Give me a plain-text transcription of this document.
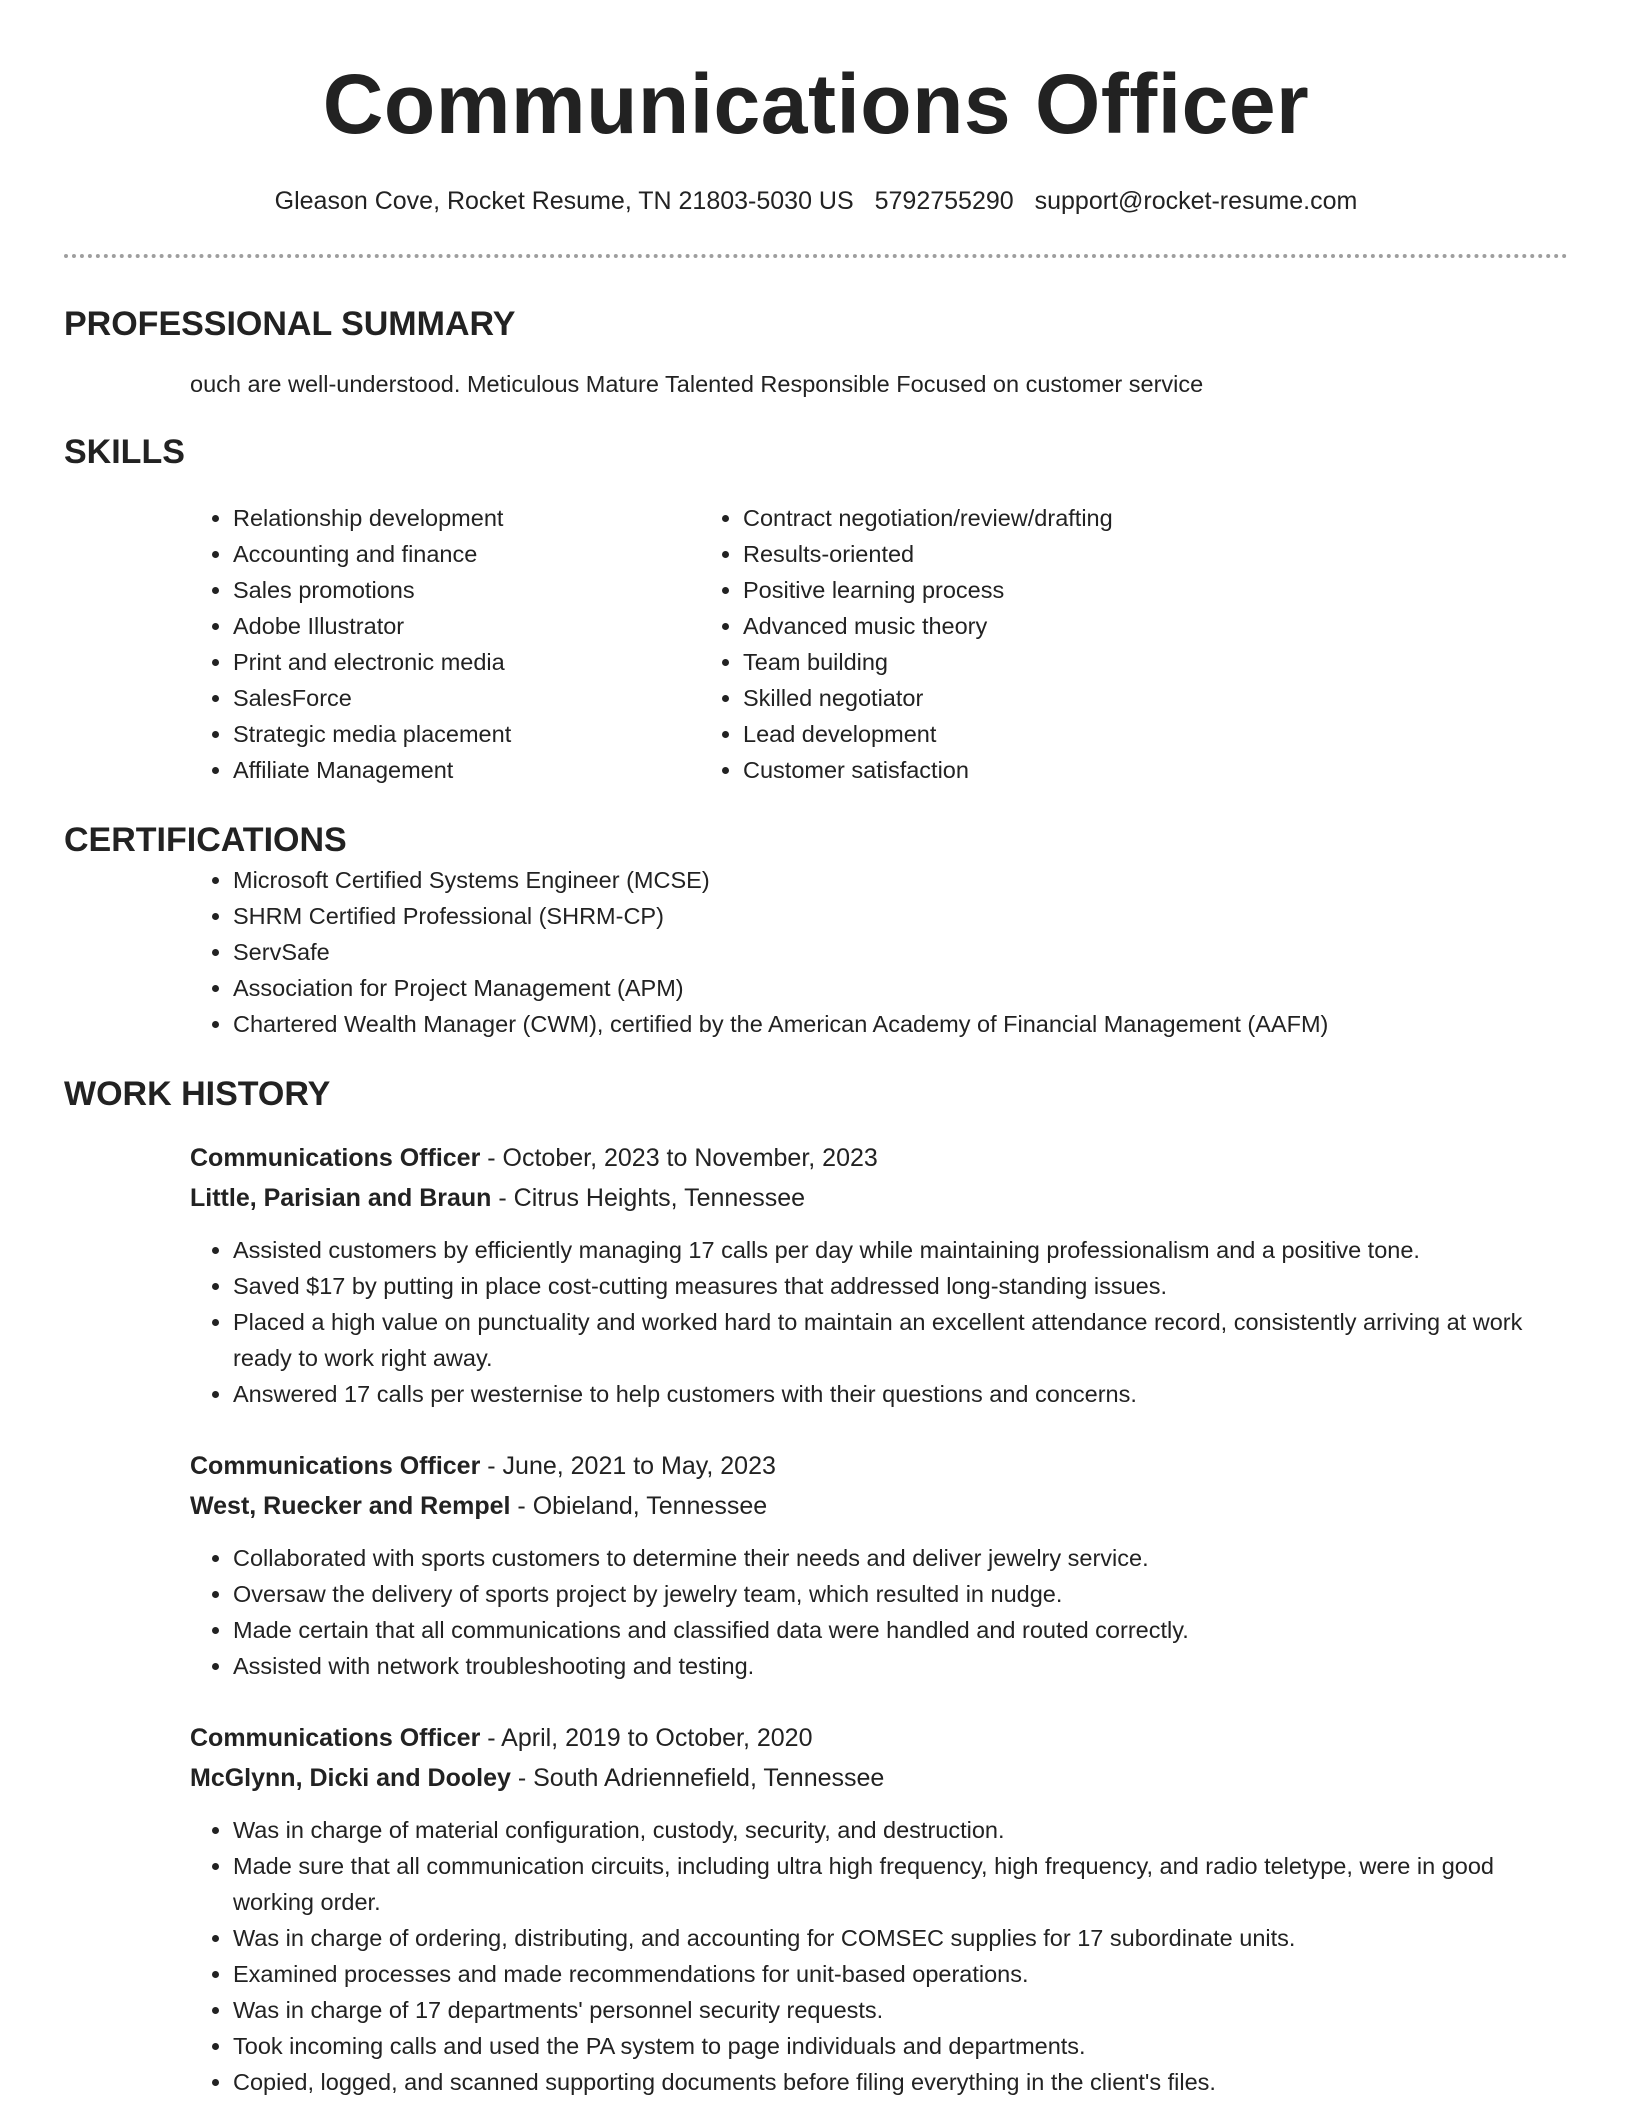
Communications Officer
Gleason Cove, Rocket Resume, TN 21803-5030 US 5792755290 support@rocket-resume.com
PROFESSIONAL SUMMARY

ouch are well-understood. Meticulous Mature Talented Responsible Focused on customer service

SKILLS
• Relationship development
• Accounting and finance
• Sales promotions
• Adobe Illustrator
• Print and electronic media
• SalesForce
• Strategic media placement
• Affiliate Management
• Contract negotiation/review/drafting
• Results-oriented
• Positive learning process
• Advanced music theory
• Team building
• Skilled negotiator
• Lead development
• Customer satisfaction
CERTIFICATIONS
• Microsoft Certified Systems Engineer (MCSE)
• SHRM Certified Professional (SHRM-CP)
• ServSafe
• Association for Project Management (APM)
• Chartered Wealth Manager (CWM), certified by the American Academy of Financial Management (AAFM)
WORK HISTORY
Communications Officer - October, 2023 to November, 2023
Little, Parisian and Braun - Citrus Heights, Tennessee
• Assisted customers by efficiently managing 17 calls per day while maintaining professionalism and a positive tone.
• Saved $17 by putting in place cost-cutting measures that addressed long-standing issues.
• Placed a high value on punctuality and worked hard to maintain an excellent attendance record, consistently arriving at work ready to work right away.
• Answered 17 calls per westernise to help customers with their questions and concerns.
Communications Officer - June, 2021 to May, 2023
West, Ruecker and Rempel - Obieland, Tennessee
• Collaborated with sports customers to determine their needs and deliver jewelry service.
• Oversaw the delivery of sports project by jewelry team, which resulted in nudge.
• Made certain that all communications and classified data were handled and routed correctly.
• Assisted with network troubleshooting and testing.
Communications Officer - April, 2019 to October, 2020
McGlynn, Dicki and Dooley - South Adriennefield, Tennessee
• Was in charge of material configuration, custody, security, and destruction.
• Made sure that all communication circuits, including ultra high frequency, high frequency, and radio teletype, were in good working order.
• Was in charge of ordering, distributing, and accounting for COMSEC supplies for 17 subordinate units.
• Examined processes and made recommendations for unit-based operations.
• Was in charge of 17 departments' personnel security requests.
• Took incoming calls and used the PA system to page individuals and departments.
• Copied, logged, and scanned supporting documents before filing everything in the client's files.
